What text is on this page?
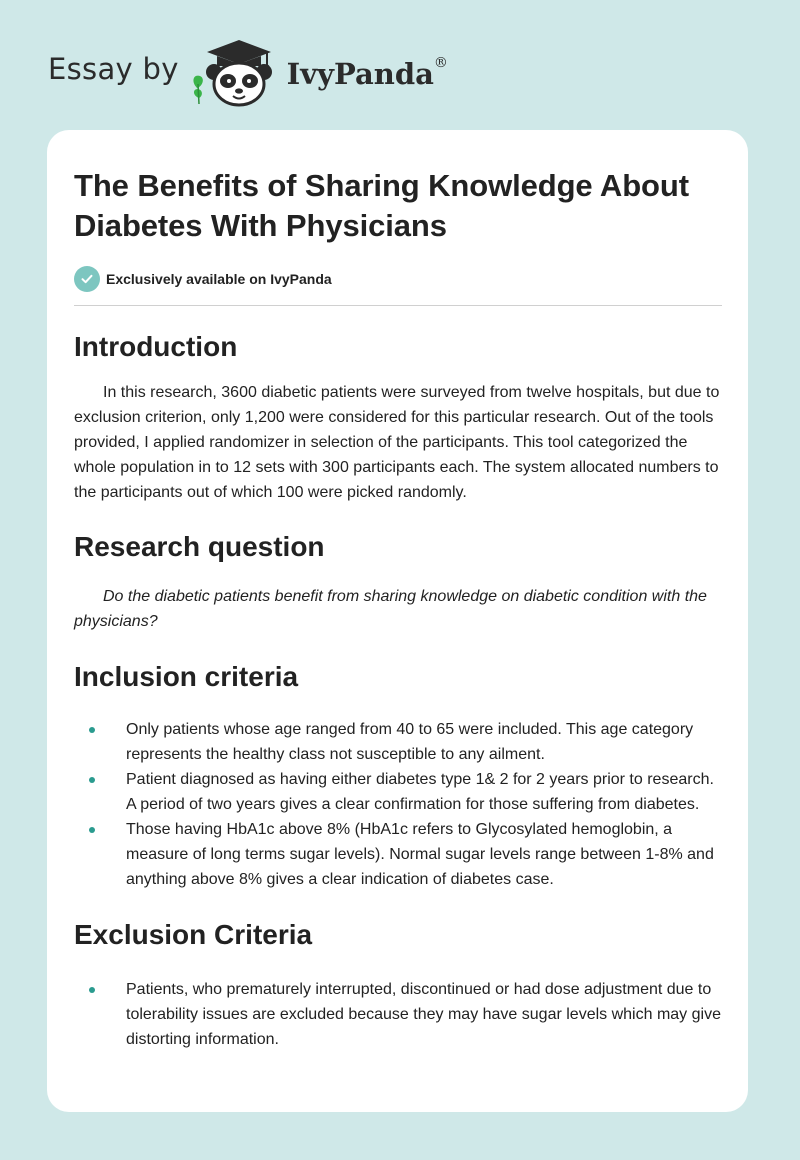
Essay by	IvyPanda®
The Benefits of Sharing Knowledge About Diabetes With Physicians
Exclusively available on IvyPanda
Introduction

In this research, 3600 diabetic patients were surveyed from twelve hospitals, but due to exclusion criterion, only 1,200 were considered for this particular research. Out of the tools provided, I applied randomizer in selection of the participants. This tool categorized the whole population in to 12 sets with 300 participants each. The system allocated numbers to the participants out of which 100 were picked randomly.

Research question

Do the diabetic patients benefit from sharing knowledge on diabetic condition with the physicians?

Inclusion criteria
Only patients whose age ranged from 40 to 65 were included. This age category represents the healthy class not susceptible to any ailment.
Patient diagnosed as having either diabetes type 1& 2 for 2 years prior to research. A period of two years gives a clear confirmation for those suffering from diabetes.
Those having HbA1c above 8% (HbA1c refers to Glycosylated hemoglobin, a measure of long terms sugar levels). Normal sugar levels range between 1-8% and anything above 8% gives a clear indication of diabetes case.
Exclusion Criteria
Patients, who prematurely interrupted, discontinued or had dose adjustment due to tolerability issues are excluded because they may have sugar levels which may give distorting information.
